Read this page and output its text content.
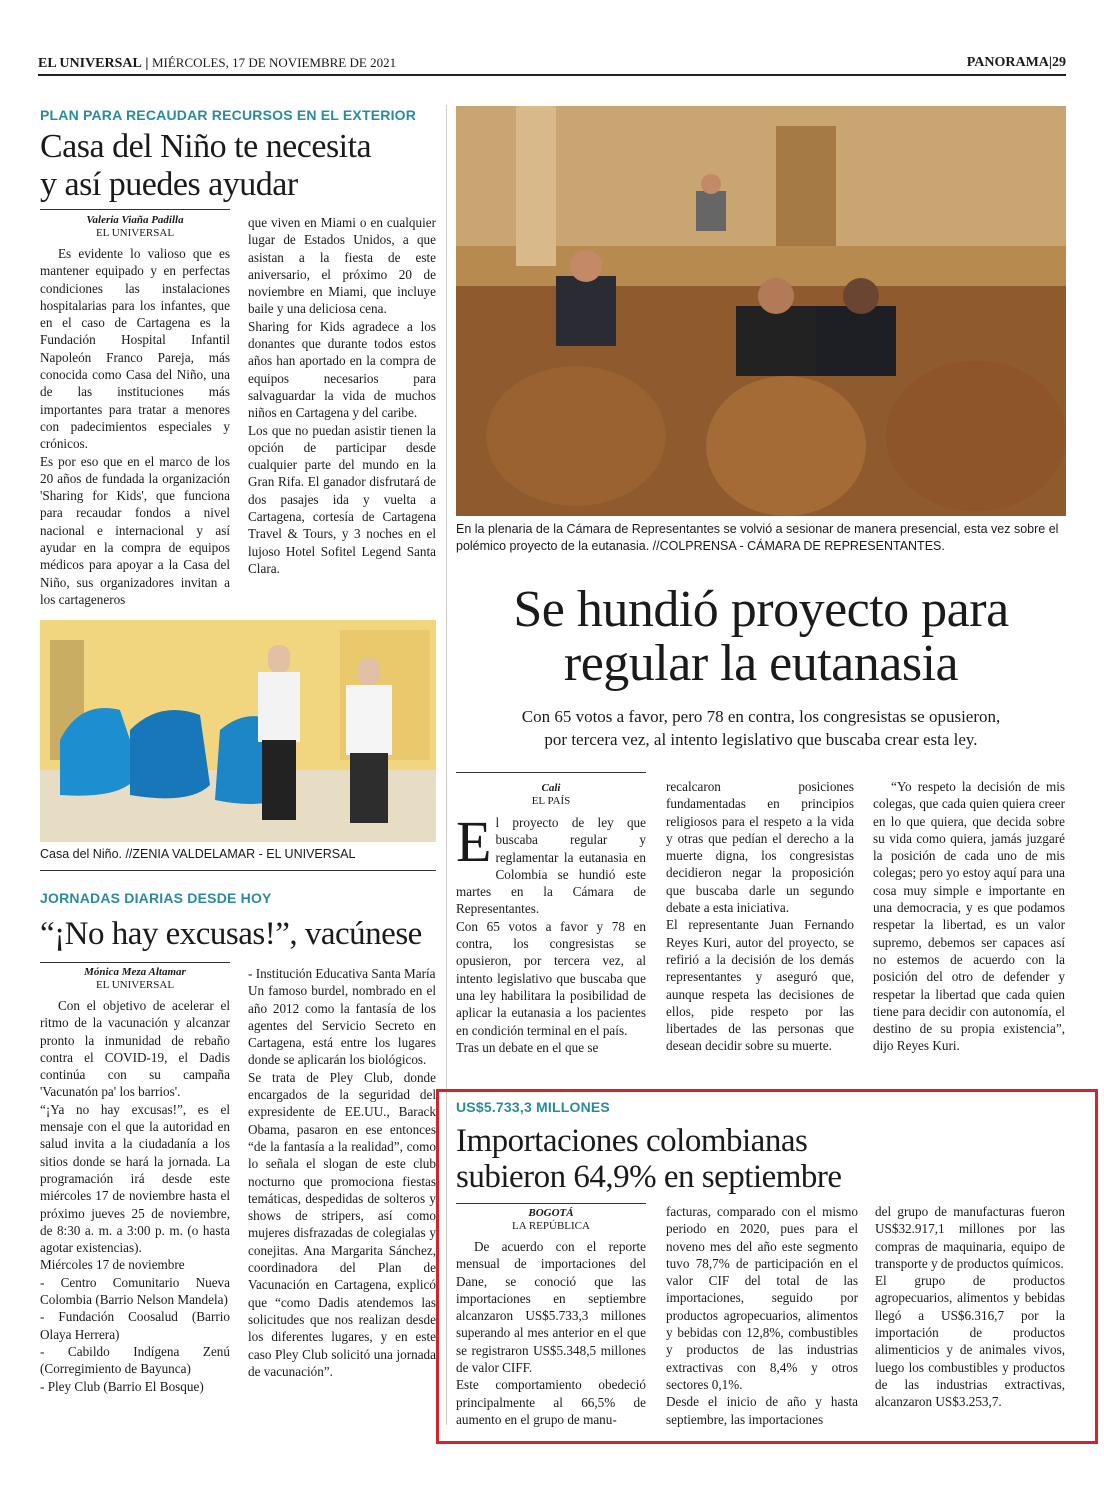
EL UNIVERSAL | MIÉRCOLES, 17 DE NOVIEMBRE DE 2021	PANORAMA|29
PLAN PARA RECAUDAR RECURSOS EN EL EXTERIOR
Casa del Niño te necesita
y así puedes ayudar
Valeria Viaña Padilla
EL UNIVERSAL
Es evidente lo valioso que es mantener equipado y en perfectas condiciones las instalaciones hospitalarias para los infantes, que en el caso de Cartagena es la Fundación Hospital Infantil Napoleón Franco Pareja, más conocida como Casa del Niño, una de las instituciones más importantes para tratar a menores con padecimientos especiales y crónicos.
Es por eso que en el marco de los 20 años de fundada la organización 'Sharing for Kids', que funciona para recaudar fondos a nivel nacional e internacional y así ayudar en la compra de equipos médicos para apoyar a la Casa del Niño, sus organizadores invitan a los cartageneros
que viven en Miami o en cualquier lugar de Estados Unidos, a que asistan a la fiesta de este aniversario, el próximo 20 de noviembre en Miami, que incluye baile y una deliciosa cena.
Sharing for Kids agradece a los donantes que durante todos estos años han aportado en la compra de equipos necesarios para salvaguardar la vida de muchos niños en Cartagena y del caribe.
Los que no puedan asistir tienen la opción de participar desde cualquier parte del mundo en la Gran Rifa. El ganador disfrutará de dos pasajes ida y vuelta a Cartagena, cortesía de Cartagena Travel & Tours, y 3 noches en el lujoso Hotel Sofitel Legend Santa Clara.
Casa del Niño. //ZENIA VALDELAMAR - EL UNIVERSAL
JORNADAS DIARIAS DESDE HOY
“¡No hay excusas!”, vacúnese
Mónica Meza Altamar
EL UNIVERSAL
Con el objetivo de acelerar el ritmo de la vacunación y alcanzar pronto la inmunidad de rebaño contra el COVID-19, el Dadis continúa con su campaña 'Vacunatón pa' los barrios'.
“¡Ya no hay excusas!”, es el mensaje con el que la autoridad en salud invita a la ciudadanía a los sitios donde se hará la jornada. La programación irá desde este miércoles 17 de noviembre hasta el próximo jueves 25 de noviembre, de 8:30 a. m. a 3:00 p. m. (o hasta agotar existencias).
Miércoles 17 de noviembre
- Centro Comunitario Nueva Colombia (Barrio Nelson Mandela)
- Fundación Coosalud (Barrio Olaya Herrera)
- Cabildo Indígena Zenú (Corregimiento de Bayunca)
- Pley Club (Barrio El Bosque)
- Institución Educativa Santa María
Un famoso burdel, nombrado en el año 2012 como la fantasía de los agentes del Servicio Secreto en Cartagena, está entre los lugares donde se aplicarán los biológicos.
Se trata de Pley Club, donde encargados de la seguridad del expresidente de EE.UU., Barack Obama, pasaron en ese entonces “de la fantasía a la realidad”, como lo señala el slogan de este club nocturno que promociona fiestas temáticas, despedidas de solteros y shows de stripers, así como mujeres disfrazadas de colegialas y conejitas. Ana Margarita Sánchez, coordinadora del Plan de Vacunación en Cartagena, explicó que “como Dadis atendemos las solicitudes que nos realizan desde los diferentes lugares, y en este caso Pley Club solicitó una jornada de vacunación”.
En la plenaria de la Cámara de Representantes se volvió a sesionar de manera presencial, esta vez sobre el polémico proyecto de la eutanasia. //COLPRENSA - CÁMARA DE REPRESENTANTES.
Se hundió proyecto para
regular la eutanasia
Con 65 votos a favor, pero 78 en contra, los congresistas se opusieron,
por tercera vez, al intento legislativo que buscaba crear esta ley.
Cali
EL PAÍS
E l proyecto de ley que buscaba regular y reglamentar la eutanasia en Colombia se hundió este martes en la Cámara de Representantes.
Con 65 votos a favor y 78 en contra, los congresistas se opusieron, por tercera vez, al intento legislativo que buscaba que una ley habilitara la posibilidad de aplicar la eutanasia a los pacientes en condición terminal en el país.
Tras un debate en el que se
recalcaron posiciones fundamentadas en principios religiosos para el respeto a la vida y otras que pedían el derecho a la muerte digna, los congresistas decidieron negar la proposición que buscaba darle un segundo debate a esta iniciativa.
El representante Juan Fernando Reyes Kuri, autor del proyecto, se refirió a la decisión de los demás representantes y aseguró que, aunque respeta las decisiones de ellos, pide respeto por las libertades de las personas que desean decidir sobre su muerte.
“Yo respeto la decisión de mis colegas, que cada quien quiera creer en lo que quiera, que decida sobre su vida como quiera, jamás juzgaré la posición de cada uno de mis colegas; pero yo estoy aquí para una cosa muy simple e importante en una democracia, y es que podamos respetar la libertad, es un valor supremo, debemos ser capaces así no estemos de acuerdo con la posición del otro de defender y respetar la libertad que cada quien tiene para decidir con autonomía, el destino de su propia existencia”, dijo Reyes Kuri.
US$5.733,3 MILLONES
Importaciones colombianas
subieron 64,9% en septiembre
BOGOTÁ
LA REPÚBLICA
De acuerdo con el reporte mensual de importaciones del Dane, se conoció que las importaciones en septiembre alcanzaron US$5.733,3 millones superando al mes anterior en el que se registraron US$5.348,5 millones de valor CIFF.
Este comportamiento obedeció principalmente al 66,5% de aumento en el grupo de manu-
facturas, comparado con el mismo periodo en 2020, pues para el noveno mes del año este segmento tuvo 78,7% de participación en el valor CIF del total de las importaciones, seguido por productos agropecuarios, alimentos y bebidas con 12,8%, combustibles y productos de las industrias extractivas con 8,4% y otros sectores 0,1%.
Desde el inicio de año y hasta septiembre, las importaciones
del grupo de manufacturas fueron US$32.917,1 millones por las compras de maquinaria, equipo de transporte y de productos químicos.
El grupo de productos agropecuarios, alimentos y bebidas llegó a US$6.316,7 por la importación de productos alimenticios y de animales vivos, luego los combustibles y productos de las industrias extractivas, alcanzaron US$3.253,7.
